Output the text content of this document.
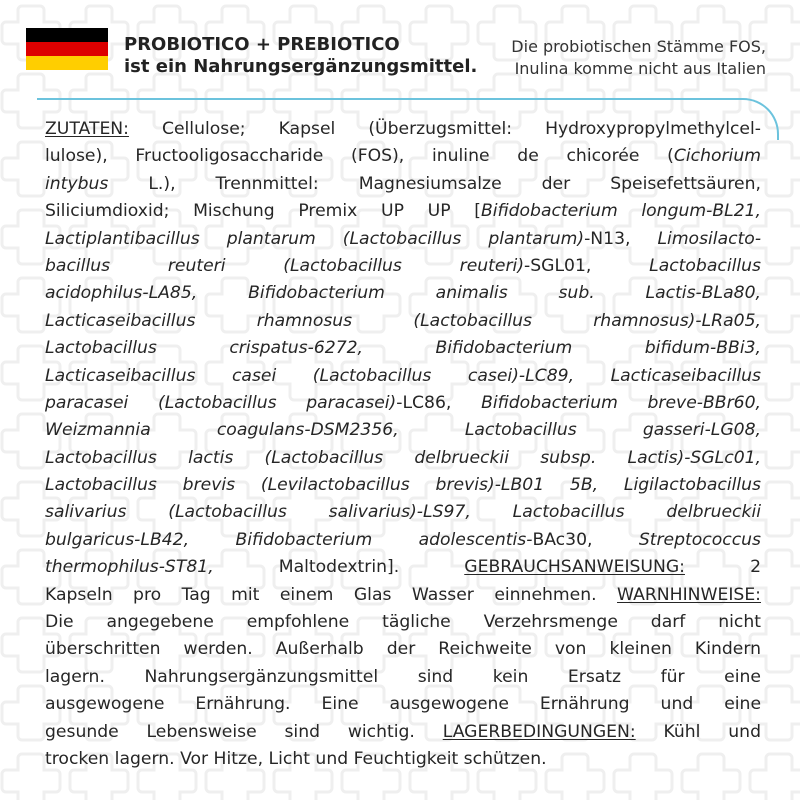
PROBIOTICO + PREBIOTICO
ist ein Nahrungsergänzungsmittel.
Die probiotischen Stämme FOS,
Inulina komme nicht aus Italien
ZUTATEN: Cellulose; Kapsel (Überzugsmittel: Hydroxypropylmethylcel-
lulose), Fructooligosaccharide (FOS), inuline de chicorée (Cichorium
intybus L.), Trennmittel: Magnesiumsalze der Speisefettsäuren,
Siliciumdioxid; Mischung Premix UP UP [Bifidobacterium longum-BL21,
Lactiplantibacillus plantarum (Lactobacillus plantarum)-N13, Limosilacto-
bacillus	reuteri	(Lactobacillus	reuteri)-SGL01,	Lactobacillus
acidophilus-LA85,	Bifidobacterium	animalis	sub.	Lactis-BLa80,
Lacticaseibacillus	rhamnosus	(Lactobacillus	rhamnosus)-LRa05,
Lactobacillus	crispatus-6272,	Bifidobacterium	bifidum-BBi3,
Lacticaseibacillus casei (Lactobacillus casei)-LC89, Lacticaseibacillus
paracasei (Lactobacillus paracasei)-LC86, Bifidobacterium breve-BBr60,
Weizmannia	coagulans-DSM2356,	Lactobacillus	gasseri-LG08,
Lactobacillus lactis (Lactobacillus delbrueckii subsp. Lactis)-SGLc01,
Lactobacillus brevis (Levilactobacillus brevis)-LB01 5B, Ligilactobacillus
salivarius (Lactobacillus salivarius)-LS97, Lactobacillus delbrueckii
bulgaricus-LB42,	Bifidobacterium	adolescentis-BAc30,	Streptococcus
thermophilus-ST81,	Maltodextrin].	GEBRAUCHSANWEISUNG:	2
Kapseln pro Tag mit einem Glas Wasser einnehmen. WARNHINWEISE:
Die angegebene empfohlene tägliche Verzehrsmenge darf nicht
überschritten werden. Außerhalb der Reichweite von kleinen Kindern
lagern. Nahrungsergänzungsmittel sind kein Ersatz für eine
ausgewogene Ernährung. Eine ausgewogene Ernährung und eine
gesunde Lebensweise sind wichtig. LAGERBEDINGUNGEN: Kühl und
trocken lagern. Vor Hitze, Licht und Feuchtigkeit schützen.
